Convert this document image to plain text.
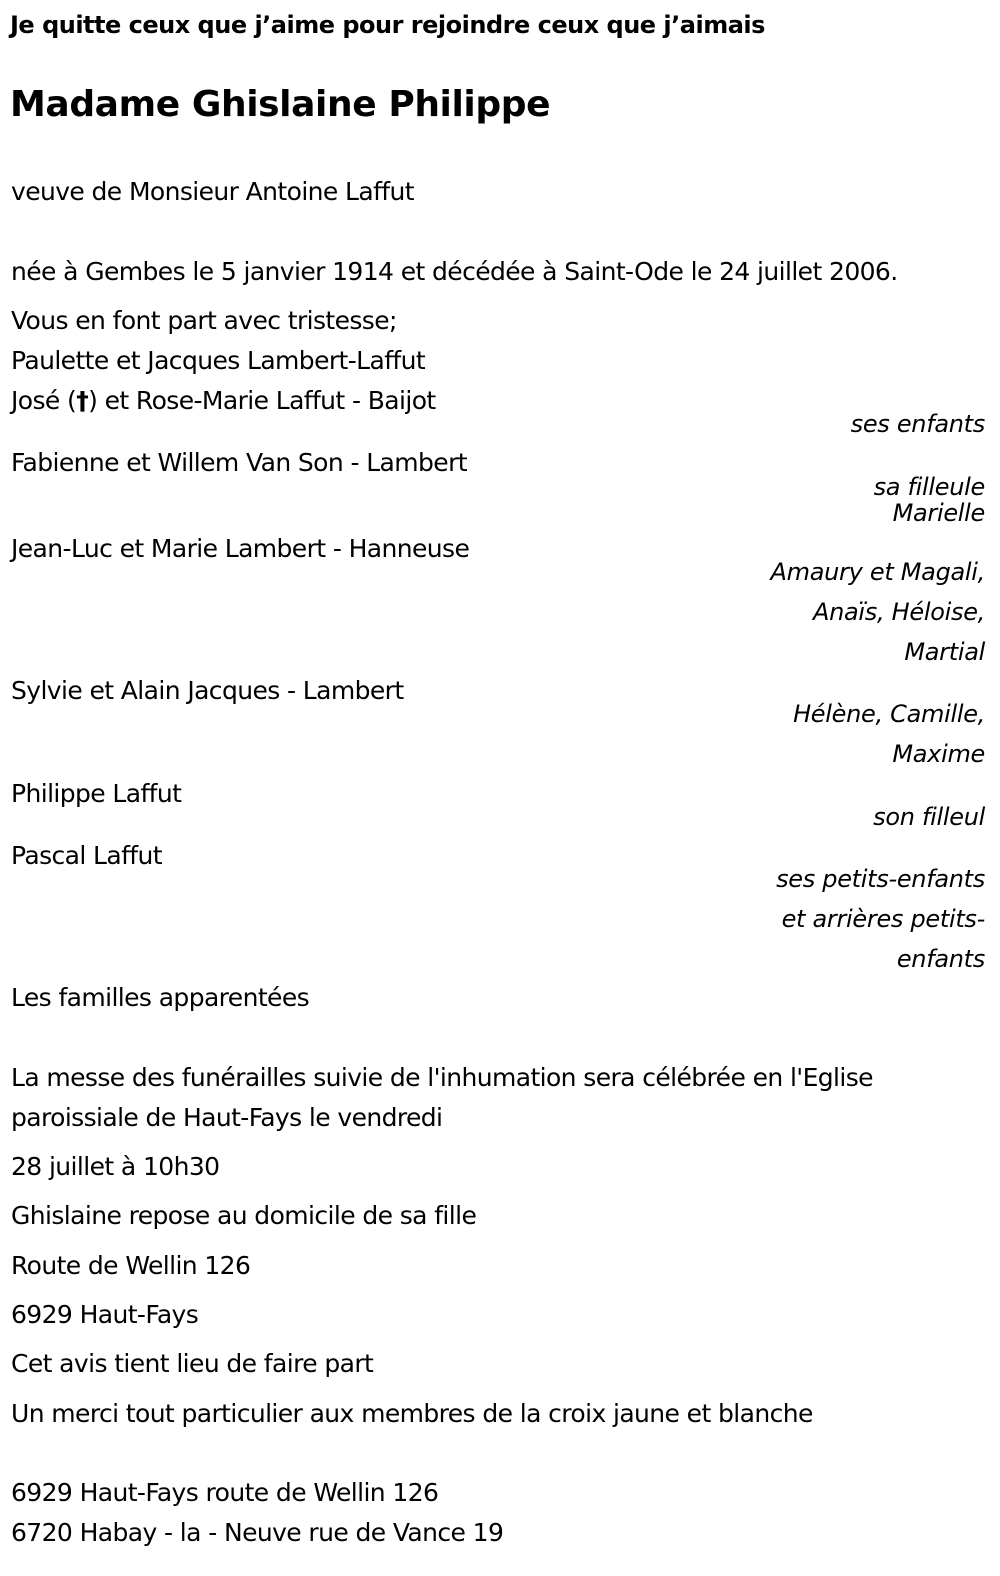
Je quitte ceux que j’aime pour rejoindre ceux que j’aimais
Madame Ghislaine Philippe
veuve de Monsieur Antoine Laffut
née à Gembes le 5 janvier 1914 et décédée à Saint-Ode le 24 juillet 2006.
Vous en font part avec tristesse;
Paulette et Jacques Lambert-Laffut
José (†) et Rose-Marie Laffut - Baijot
Fabienne et Willem Van Son - Lambert
Jean-Luc et Marie Lambert - Hanneuse
Sylvie et Alain Jacques - Lambert
Philippe Laffut
Pascal Laffut
ses enfants
sa filleule
Marielle
Amaury et Magali,
Anaïs, Héloise,
Martial
Hélène, Camille,
Maxime
son filleul
ses petits-enfants
et arrières petits-
enfants
Les familles apparentées
La messe des funérailles suivie de l'inhumation sera célébrée en l'Eglise
paroissiale de Haut-Fays le vendredi
28 juillet à 10h30
Ghislaine repose au domicile de sa fille
Route de Wellin 126
6929 Haut-Fays
Cet avis tient lieu de faire part
Un merci tout particulier aux membres de la croix jaune et blanche
6929 Haut-Fays route de Wellin 126
6720 Habay - la - Neuve rue de Vance 19
